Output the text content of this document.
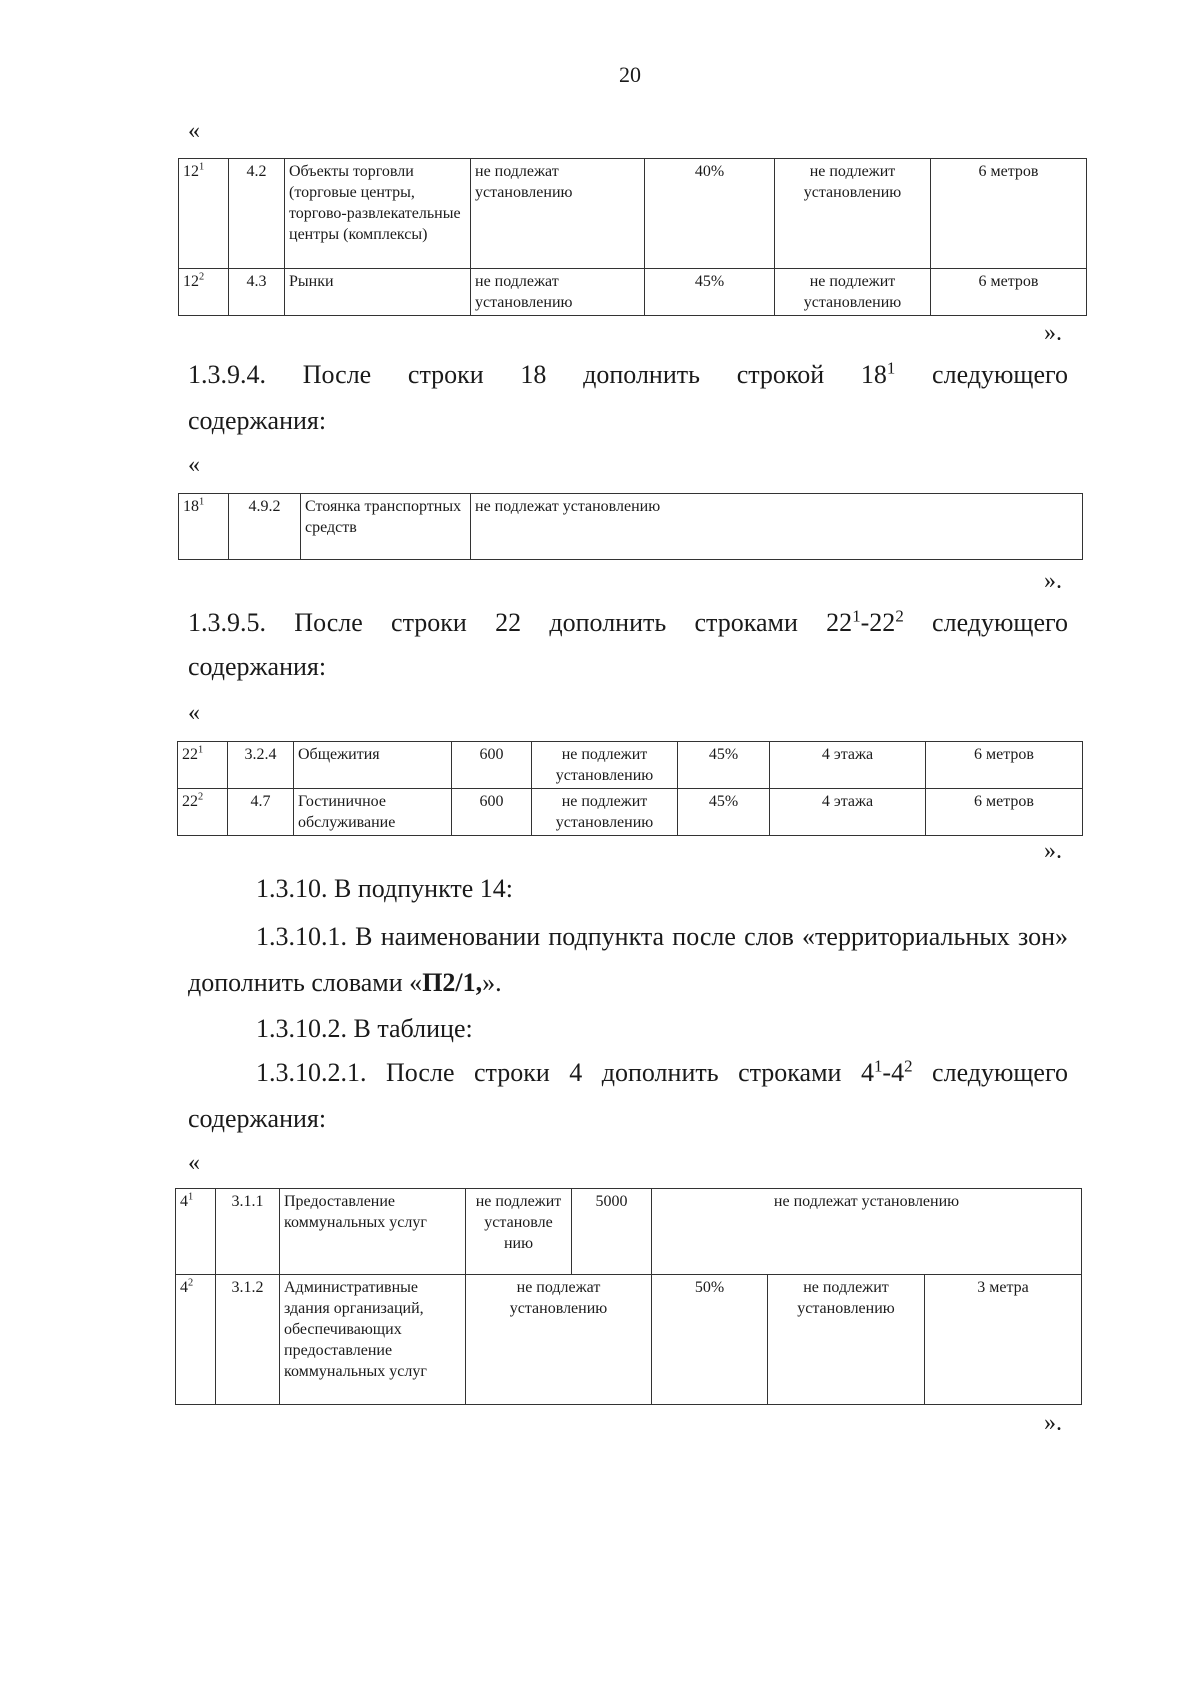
20
«
$12^1$	4.2	Объекты торговли (торговые центры, торгово-развлекательные центры (комплексы)	не подлежат установлению	40%	не подлежит установлению	6 метров
$12^2$	4.3	Рынки	не подлежат установлению	45%	не подлежит установлению	6 метров
».
1.3.9.4. После строки 18 дополнить строкой $18^1$ следующего
содержания:
«
$18^1$	4.9.2	Стоянка транспортных средств	не подлежат установлению
».
1.3.9.5. После строки 22 дополнить строками $22^1-22^2$ следующего
содержания:
«
$22^1$	3.2.4	Общежития	600	не подлежит установлению	45%	4 этажа	6 метров
$22^2$	4.7	Гостиничное обслуживание	600	не подлежит установлению	45%	4 этажа	6 метров
».
1.3.10. В подпункте 14:
1.3.10.1. В наименовании подпункта после слов «территориальных зон»
дополнить словами «П2/1,».
1.3.10.2. В таблице:
1.3.10.2.1. После строки 4 дополнить строками $4^1-4^2$ следующего
содержания:
«
$4^1$	3.1.1	Предоставление коммунальных услуг	не подлежит установле нию	5000	не подлежат установлению		
$4^2$	3.1.2	Административные здания организаций, обеспечивающих предоставление коммунальных услуг	не подлежат установлению		50%	не подлежит установлению	3 метра
».
